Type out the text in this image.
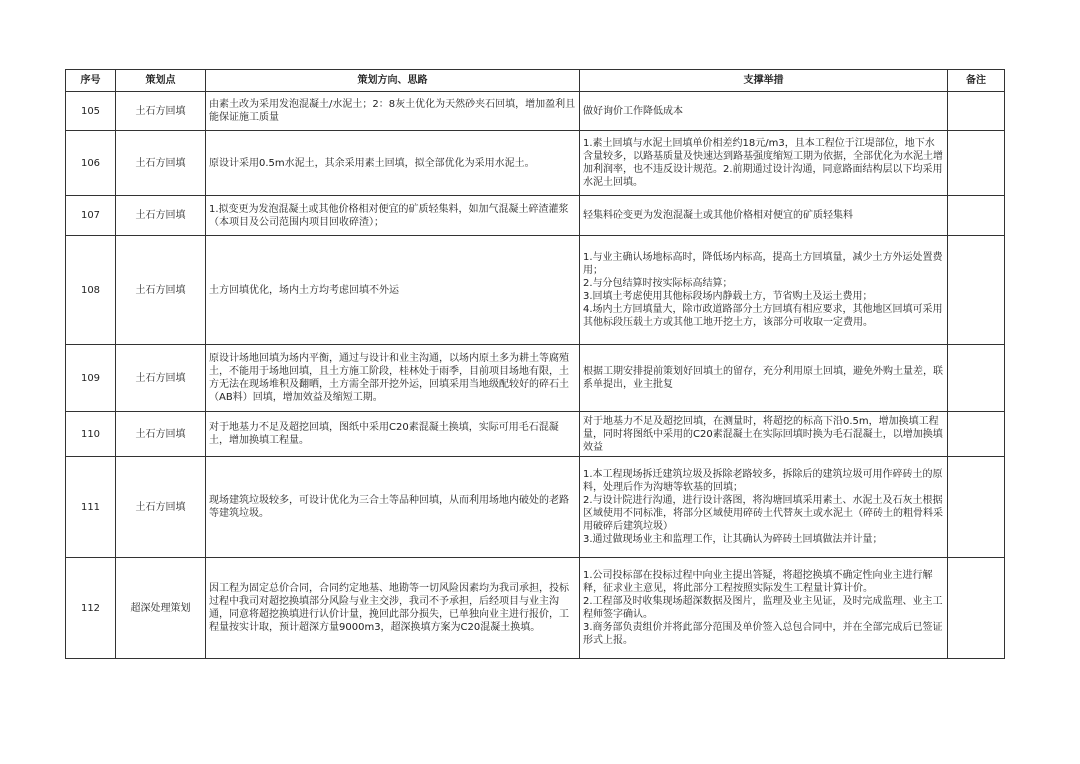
序号	策划点	策划方向、思路	支撑举措	备注
105	土石方回填	由素土改为采用发泡混凝土/水泥土；2：8灰土优化为天然砂夹石回填，增加盈利且能保证施工质量	做好询价工作降低成本	

106	土石方回填	原设计采用0.5m水泥土，其余采用素土回填，拟全部优化为采用水泥土。	1.素土回填与水泥土回填单价相差约18元/m3，且本工程位于江堤部位，地下水含量较多，以路基质量及快速达到路基强度缩短工期为依据，全部优化为水泥土增加利润率，也不违反设计规范。2.前期通过设计沟通，同意路面结构层以下均采用水泥土回填。	

107	土石方回填	1.拟变更为发泡混凝土或其他价格相对便宜的矿质轻集料，如加气混凝土碎渣灌浆（本项目及公司范围内项目回收碎渣）；	轻集料砼变更为发泡混凝土或其他价格相对便宜的矿质轻集料	

108	土石方回填	土方回填优化，场内土方均考虑回填不外运	1.与业主确认场地标高时，降低场内标高，提高土方回填量，减少土方外运处置费用；
2.与分包结算时按实际标高结算；
3.回填土考虑使用其他标段场内静载土方，节省购土及运土费用；
4.场内土方回填量大，除市政道路部分土方回填有相应要求，其他地区回填可采用其他标段压载土方或其他工地开挖土方，该部分可收取一定费用。	

109	土石方回填	原设计场地回填为场内平衡，通过与设计和业主沟通，以场内原土多为耕土等腐殖土，不能用于场地回填，且土方施工阶段，桂林处于雨季，目前项目场地有限，土方无法在现场堆积及翻晒，土方需全部开挖外运，回填采用当地级配较好的碎石土（AB料）回填，增加效益及缩短工期。	根据工期安排提前策划好回填土的留存，充分利用原土回填，避免外购土量差，联系单提出，业主批复	

110	土石方回填	对于地基力不足及超挖回填，图纸中采用C20素混凝土换填，实际可用毛石混凝土，增加换填工程量。	对于地基力不足及超挖回填，在测量时，将超挖的标高下沿0.5m，增加换填工程量，同时将图纸中采用的C20素混凝土在实际回填时换为毛石混凝土，以增加换填效益	

111	土石方回填	现场建筑垃圾较多，可设计优化为三合土等品种回填，从而利用场地内破处的老路等建筑垃圾。	1.本工程现场拆迁建筑垃圾及拆除老路较多，拆除后的建筑垃圾可用作碎砖土的原料，处理后作为沟塘等软基的回填；
2.与设计院进行沟通，进行设计落图，将沟塘回填采用素土、水泥土及石灰土根据区域使用不同标准，将部分区域使用碎砖土代替灰土或水泥土（碎砖土的粗骨料采用破碎后建筑垃圾）
3.通过做现场业主和监理工作，让其确认为碎砖土回填做法并计量；	

112	超深处理策划	因工程为固定总价合同，合同约定地基、地勘等一切风险因素均为我司承担，投标过程中我司对超挖换填部分风险与业主交涉，我司不予承担，后经项目与业主沟通，同意将超挖换填进行认价计量，挽回此部分损失，已单独向业主进行报价，工程量按实计取，预计超深方量9000m3，超深换填方案为C20混凝土换填。	1.公司投标部在投标过程中向业主提出答疑，将超挖换填不确定性向业主进行解释，征求业主意见，将此部分工程按照实际发生工程量计算计价。
2.工程部及时收集现场超深数据及图片，监理及业主见证，及时完成监理、业主工程师签字确认。
3.商务部负责组价并将此部分范围及单价签入总包合同中，并在全部完成后已签证形式上报。	
